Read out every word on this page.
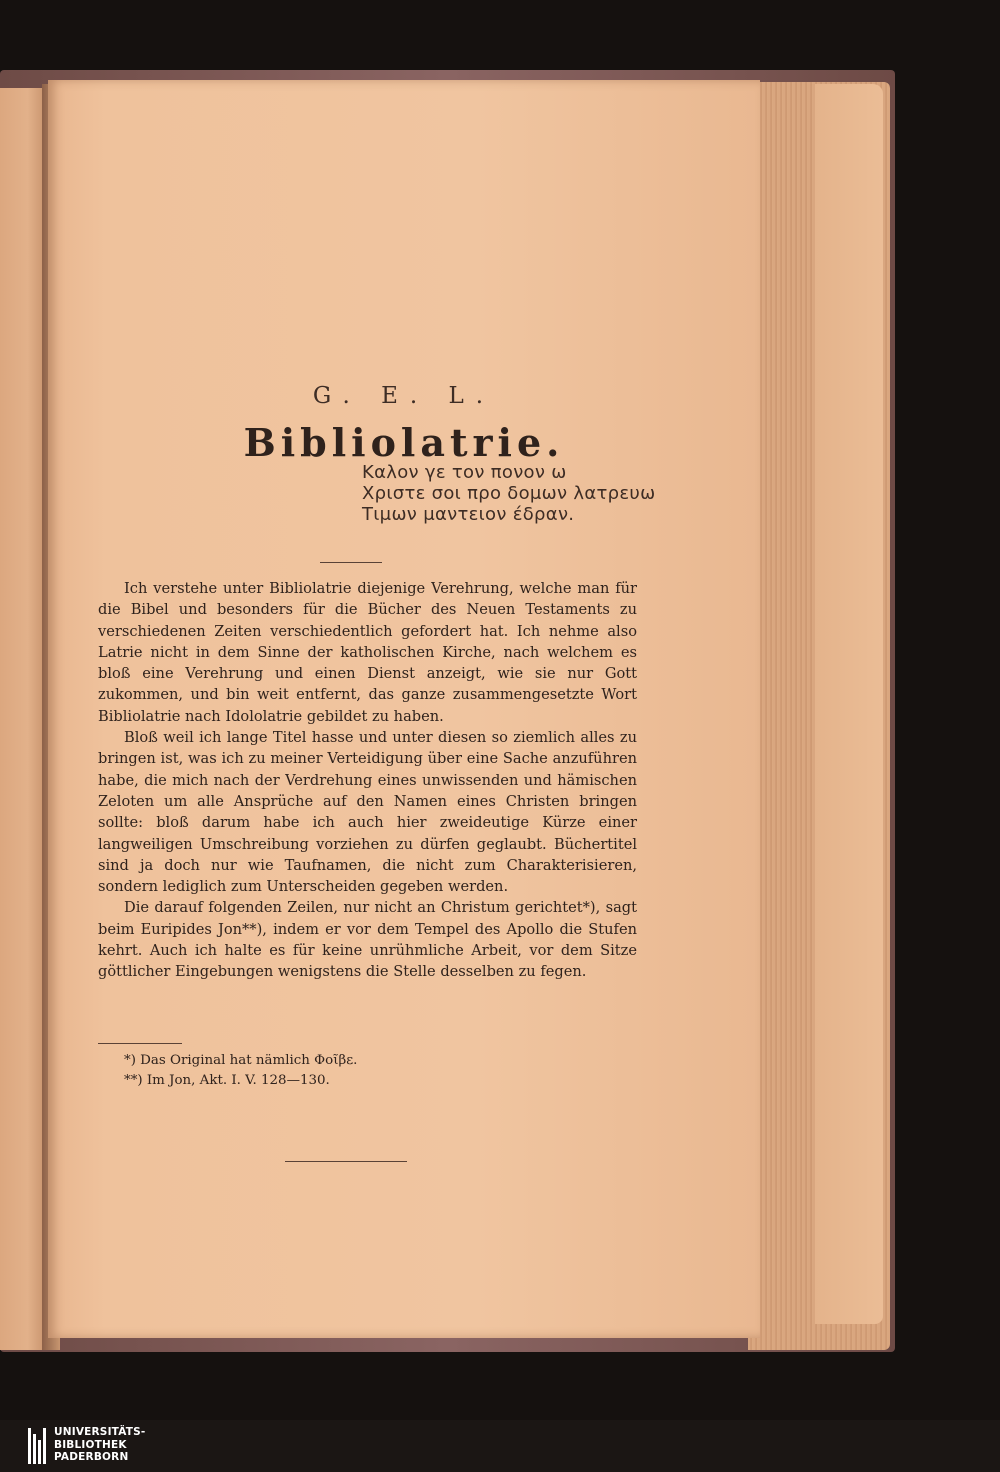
G. E. L.
Bibliolatrie.
Καλον γε τον πονον ω
Χριστε σοι προ δομων λατρευω
Τιμων μαντειον έδραν.

Ich verstehe unter Bibliolatrie diejenige Verehrung, welche man für die Bibel und besonders für die Bücher des Neuen Testaments zu verschiedenen Zeiten verschiedentlich gefordert hat. Ich nehme also Latrie nicht in dem Sinne der katholischen Kirche, nach welchem es bloß eine Verehrung und einen Dienst anzeigt, wie sie nur Gott zukommen, und bin weit entfernt, das ganze zusammengesetzte Wort Bibliolatrie nach Idololatrie gebildet zu haben.

Bloß weil ich lange Titel hasse und unter diesen so ziemlich alles zu bringen ist, was ich zu meiner Verteidigung über eine Sache anzuführen habe, die mich nach der Verdrehung eines unwissenden und hämischen Zeloten um alle Ansprüche auf den Namen eines Christen bringen sollte: bloß darum habe ich auch hier zweideutige Kürze einer langweiligen Umschreibung vorziehen zu dürfen geglaubt. Büchertitel sind ja doch nur wie Taufnamen, die nicht zum Charakterisieren, sondern lediglich zum Unterscheiden gegeben werden.

Die darauf folgenden Zeilen, nur nicht an Christum gerichtet*), sagt beim Euripides Jon**), indem er vor dem Tempel des Apollo die Stufen kehrt. Auch ich halte es für keine unrühmliche Arbeit, vor dem Sitze göttlicher Eingebungen wenigstens die Stelle desselben zu fegen.

*) Das Original hat nämlich Φοῖβε.
**) Im Jon, Akt. I. V. 128—130.
UNIVERSITÄTS-
BIBLIOTHEK
PADERBORN
